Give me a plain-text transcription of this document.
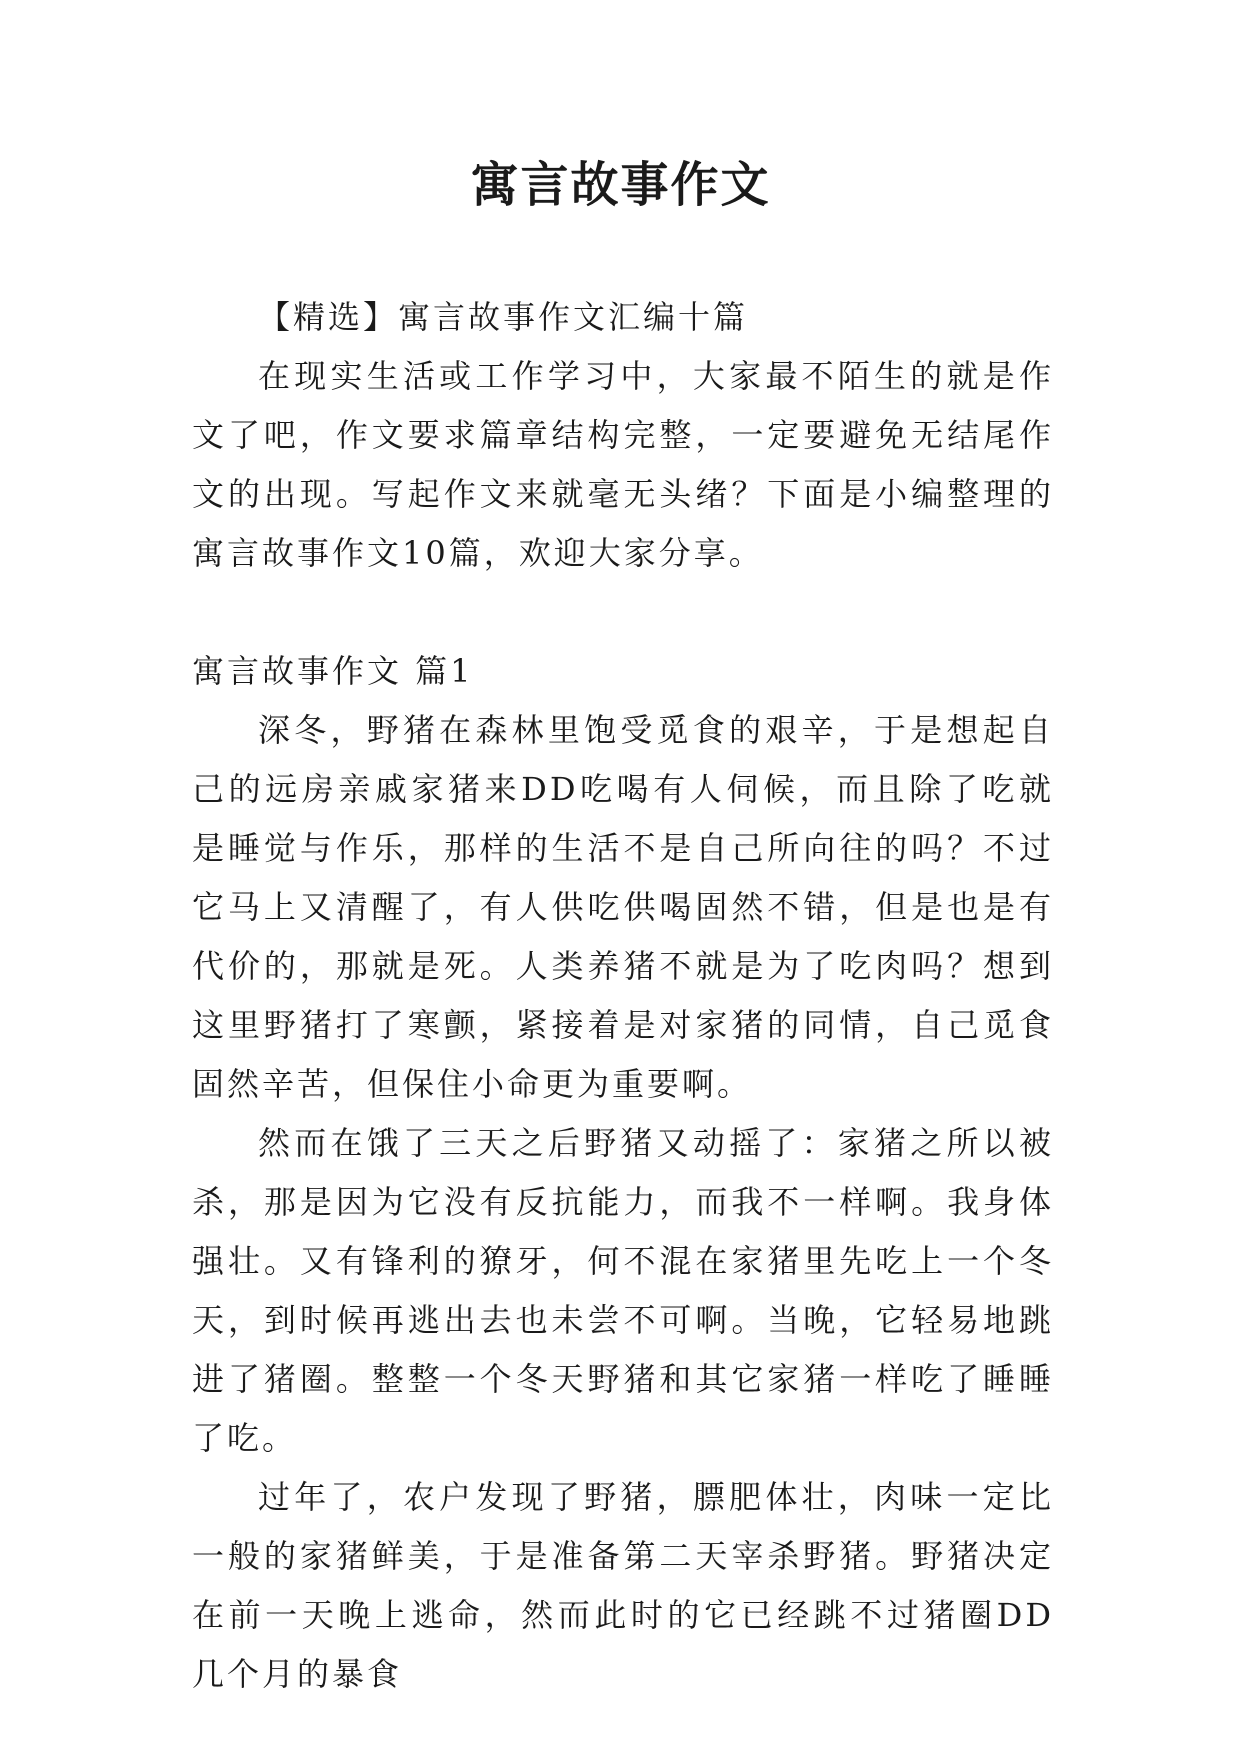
寓言故事作文

【精选】寓言故事作文汇编十篇

在现实生活或工作学习中，大家最不陌生的就是作文了吧，作文要求篇章结构完整，一定要避免无结尾作文的出现。写起作文来就毫无头绪？下面是小编整理的寓言故事作文10篇，欢迎大家分享。

寓言故事作文 篇1

深冬，野猪在森林里饱受觅食的艰辛，于是想起自己的远房亲戚家猪来DD吃喝有人伺候，而且除了吃就是睡觉与作乐，那样的生活不是自己所向往的吗？不过它马上又清醒了，有人供吃供喝固然不错，但是也是有代价的，那就是死。人类养猪不就是为了吃肉吗？想到这里野猪打了寒颤，紧接着是对家猪的同情，自己觅食固然辛苦，但保住小命更为重要啊。

然而在饿了三天之后野猪又动摇了：家猪之所以被杀，那是因为它没有反抗能力，而我不一样啊。我身体强壮。又有锋利的獠牙，何不混在家猪里先吃上一个冬天，到时候再逃出去也未尝不可啊。当晚，它轻易地跳进了猪圈。整整一个冬天野猪和其它家猪一样吃了睡睡了吃。

过年了，农户发现了野猪，膘肥体壮，肉味一定比一般的家猪鲜美，于是准备第二天宰杀野猪。野猪决定在前一天晚上逃命，然而此时的它已经跳不过猪圈DD几个月的暴食
